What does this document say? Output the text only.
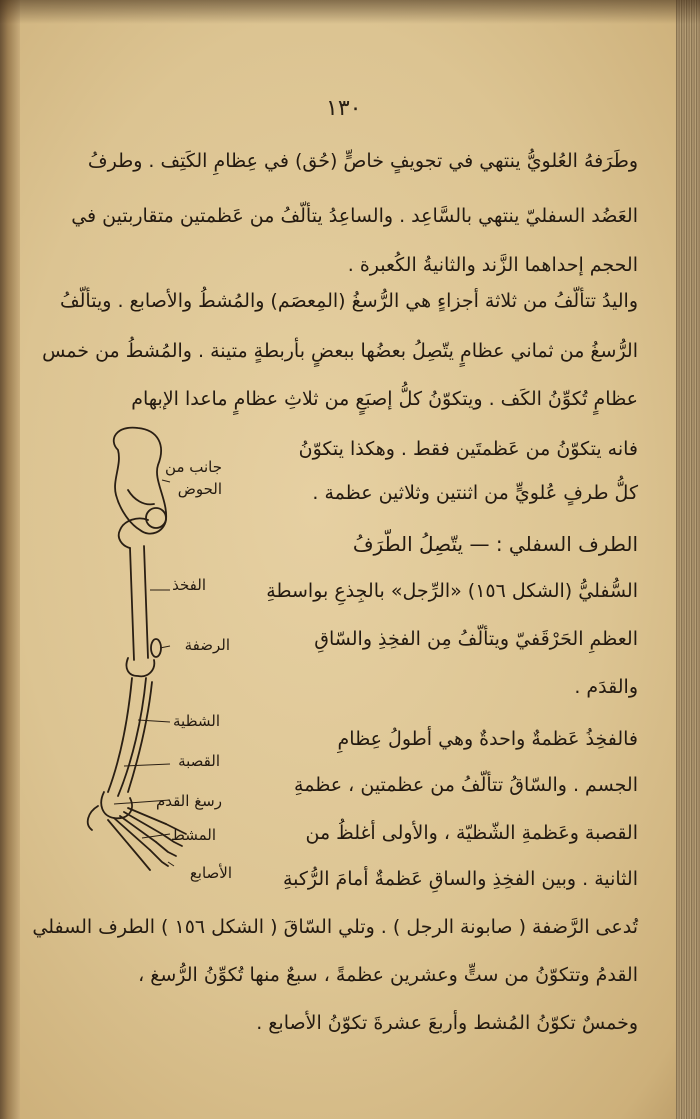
١٣٠
وطَرَفهُ العُلويُّ ينتهي في تجويفٍ خاصٍّ (حُق) في عِظامِ الكَتِف . وطرفُ
العَضُد السفليّ ينتهي بالسَّاعِد . والساعِدُ يتألّفُ من عَظمتين متقاربتين في
الحجم إحداهما الزَّند والثانيةُ الكُعبرة .
واليدُ تتألّفُ من ثلاثة أجزاءٍ هي الرُّسغُ (المِعصَم) والمُشطُ والأصابع . ويتألّفُ
الرُّسغُ من ثماني عظامٍ يتّصِلُ بعضُها ببعضٍ بأربطةٍ متينة . والمُشطُ من خمس
عظامٍ تُكوِّنُ الكَف . ويتكوّنُ كلُّ إصبَعٍ من ثلاثِ عظامٍ ماعدا الإبهام
فانه يتكوّنُ من عَظمتَين فقط . وهكذا يتكوّنُ
كلُّ طرفٍ عُلويٍّ من اثنتين وثلاثين عظمة .
الطرف السفلي : — يتّصِلُ الطّرَفُ
السُّفليُّ (الشكل ١٥٦) «الرِّجل» بالجِذعِ بواسطةِ
العظمِ الحَرْقَفيّ ويتألّفُ مِن الفخِذِ والسّاقِ
والقدَم .
فالفخِذُ عَظمةٌ واحدةٌ وهي أطولُ عِظامِ
الجسم . والسّاقُ تتألّفُ من عظمتين ، عظمةِ
القصبة وعَظمةِ الشّظيّة ، والأولى أغلظُ من
الثانية . وبين الفخِذِ والساقِ عَظمةٌ أمامَ الرُّكبةِ
تُدعى الرَّضفة ( صابونة الرجل ) . وتلي السّاقَ ( الشكل ١٥٦ ) الطرف السفلي
القدمُ وتتكوّنُ من ستٍّ وعشرين عظمةً ، سبعٌ منها تُكوِّنُ الرُّسغ ،
وخمسٌ تكوّنُ المُشط وأربعَ عشرةَ تكوّنُ الأصابع .
جانب من
الحوض
الفخذ
الرضفة
الشظية
القصبة
رسغ القدم
المشط
الأصابع
